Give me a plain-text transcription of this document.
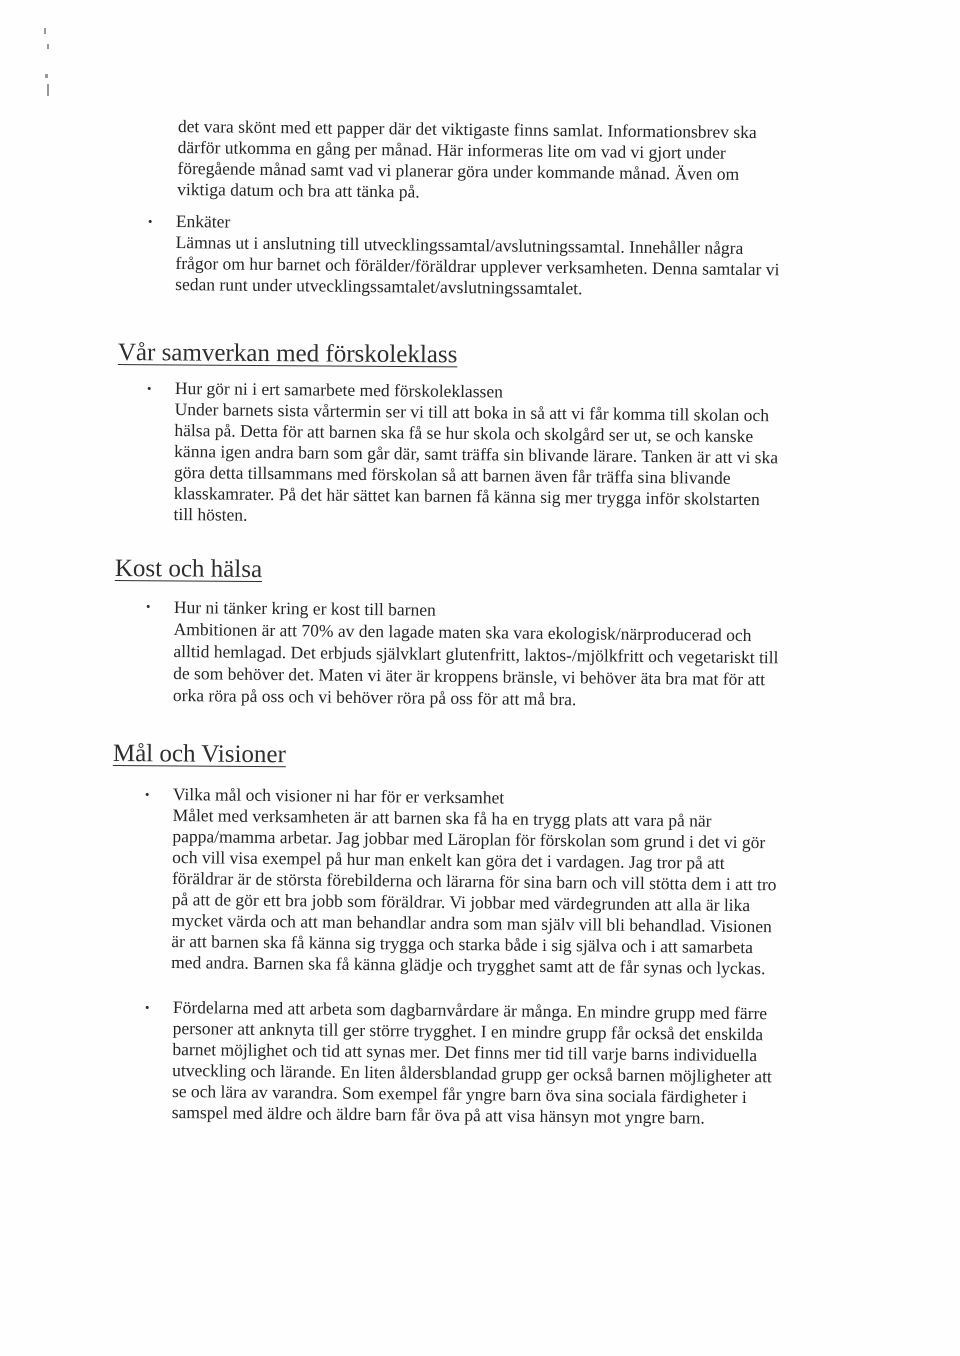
det vara skönt med ett papper där det viktigaste finns samlat. Informationsbrev ska
därför utkomma en gång per månad. Här informeras lite om vad vi gjort under
föregående månad samt vad vi planerar göra under kommande månad. Även om
viktiga datum och bra att tänka på.
• Enkäter
Lämnas ut i anslutning till utvecklingssamtal/avslutningssamtal. Innehåller några
frågor om hur barnet och förälder/föräldrar upplever verksamheten. Denna samtalar vi
sedan runt under utvecklingssamtalet/avslutningssamtalet.
Vår samverkan med förskoleklass
• Hur gör ni i ert samarbete med förskoleklassen
Under barnets sista vårtermin ser vi till att boka in så att vi får komma till skolan och
hälsa på. Detta för att barnen ska få se hur skola och skolgård ser ut, se och kanske
känna igen andra barn som går där, samt träffa sin blivande lärare. Tanken är att vi ska
göra detta tillsammans med förskolan så att barnen även får träffa sina blivande
klasskamrater. På det här sättet kan barnen få känna sig mer trygga inför skolstarten
till hösten.
Kost och hälsa
• Hur ni tänker kring er kost till barnen
Ambitionen är att 70% av den lagade maten ska vara ekologisk/närproducerad och
alltid hemlagad. Det erbjuds självklart glutenfritt, laktos-/mjölkfritt och vegetariskt till
de som behöver det. Maten vi äter är kroppens bränsle, vi behöver äta bra mat för att
orka röra på oss och vi behöver röra på oss för att må bra.
Mål och Visioner
• Vilka mål och visioner ni har för er verksamhet
Målet med verksamheten är att barnen ska få ha en trygg plats att vara på när
pappa/mamma arbetar. Jag jobbar med Läroplan för förskolan som grund i det vi gör
och vill visa exempel på hur man enkelt kan göra det i vardagen. Jag tror på att
föräldrar är de största förebilderna och lärarna för sina barn och vill stötta dem i att tro
på att de gör ett bra jobb som föräldrar. Vi jobbar med värdegrunden att alla är lika
mycket värda och att man behandlar andra som man själv vill bli behandlad. Visionen
är att barnen ska få känna sig trygga och starka både i sig själva och i att samarbeta
med andra. Barnen ska få känna glädje och trygghet samt att de får synas och lyckas.
• Fördelarna med att arbeta som dagbarnvårdare är många. En mindre grupp med färre
personer att anknyta till ger större trygghet. I en mindre grupp får också det enskilda
barnet möjlighet och tid att synas mer. Det finns mer tid till varje barns individuella
utveckling och lärande. En liten åldersblandad grupp ger också barnen möjligheter att
se och lära av varandra. Som exempel får yngre barn öva sina sociala färdigheter i
samspel med äldre och äldre barn får öva på att visa hänsyn mot yngre barn.
